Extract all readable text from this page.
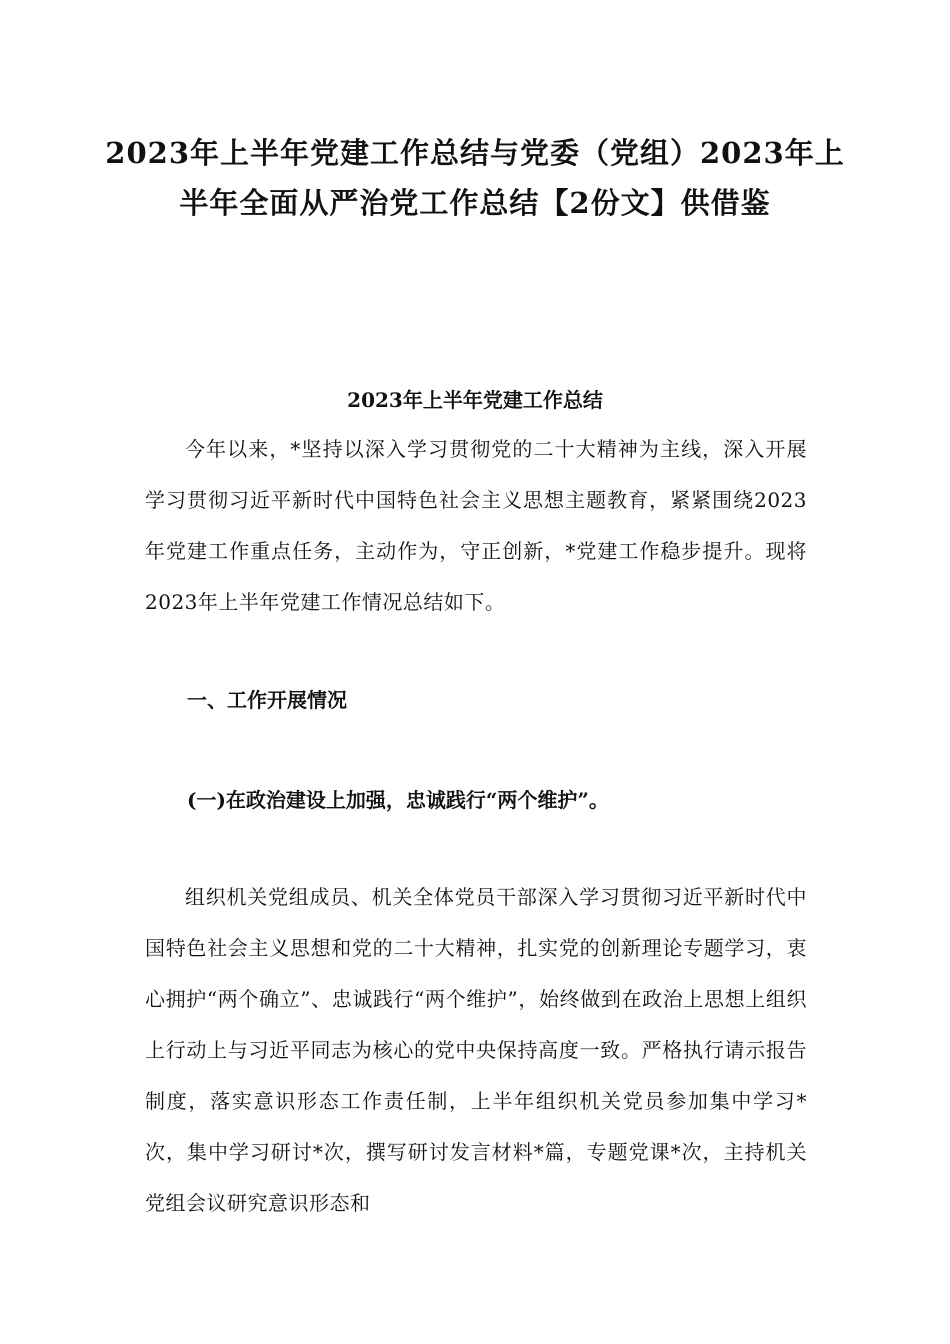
2023年上半年党建工作总结与党委（党组）2023年上半年全面从严治党工作总结【2份文】供借鉴
2023年上半年党建工作总结
今年以来，*坚持以深入学习贯彻党的二十大精神为主线，深入开展学习贯彻习近平新时代中国特色社会主义思想主题教育，紧紧围绕2023年党建工作重点任务，主动作为，守正创新，*党建工作稳步提升。现将2023年上半年党建工作情况总结如下。
一、工作开展情况
(一)在政治建设上加强，忠诚践行“两个维护”。
组织机关党组成员、机关全体党员干部深入学习贯彻习近平新时代中国特色社会主义思想和党的二十大精神，扎实党的创新理论专题学习，衷心拥护“两个确立”、忠诚践行“两个维护”，始终做到在政治上思想上组织上行动上与习近平同志为核心的党中央保持高度一致。严格执行请示报告制度，落实意识形态工作责任制，上半年组织机关党员参加集中学习*次，集中学习研讨*次，撰写研讨发言材料*篇，专题党课*次，主持机关党组会议研究意识形态和
